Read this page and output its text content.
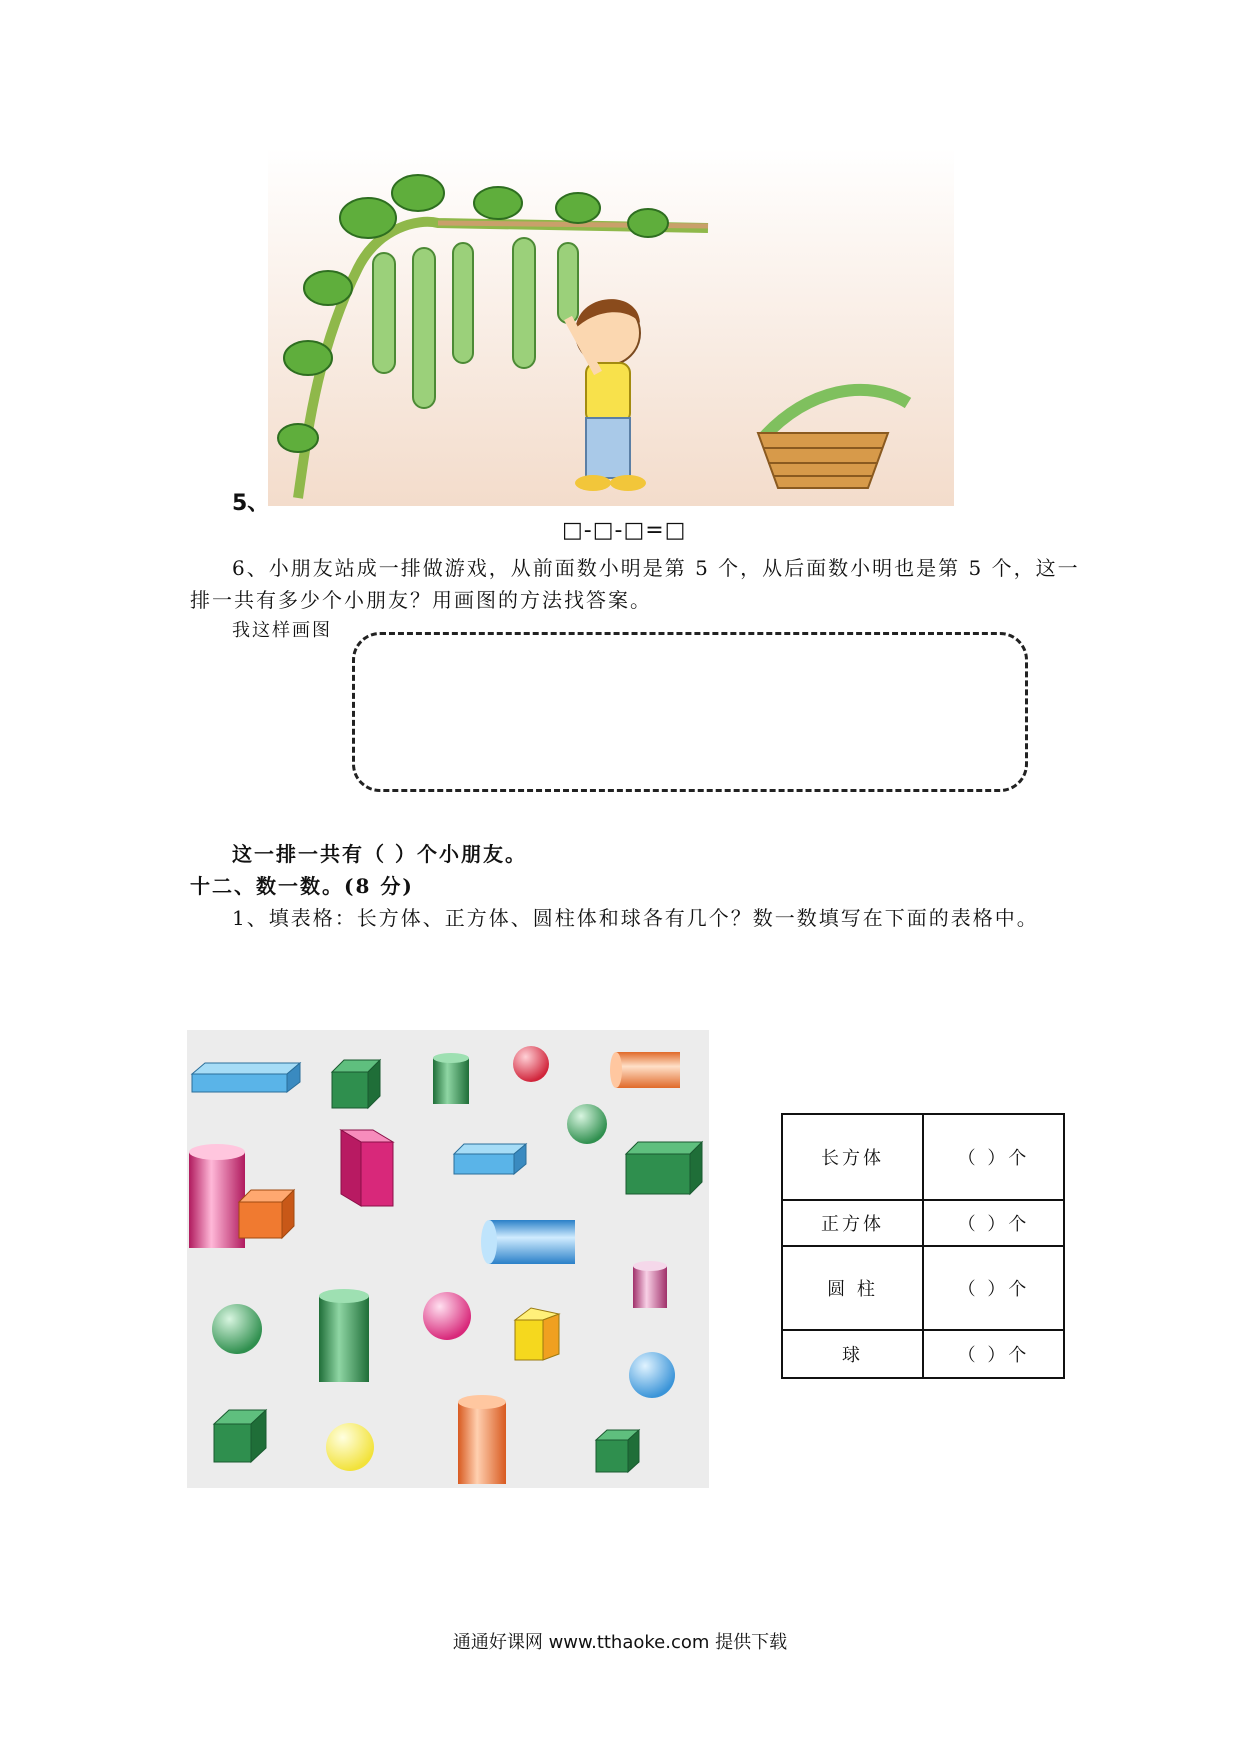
5、
□-□-□=□
6、小朋友站成一排做游戏，从前面数小明是第 5 个，从后面数小明也是第 5 个，这一
排一共有多少个小朋友？用画图的方法找答案。
我这样画图
这一排一共有（ ）个小朋友。
十二、数一数。(8 分)
1、填表格：长方体、正方体、圆柱体和球各有几个？数一数填写在下面的表格中。
长方体	（ ）个
正方体	（ ）个
圆 柱	（ ）个
球	（ ）个
通通好课网 www.tthaoke.com 提供下载
